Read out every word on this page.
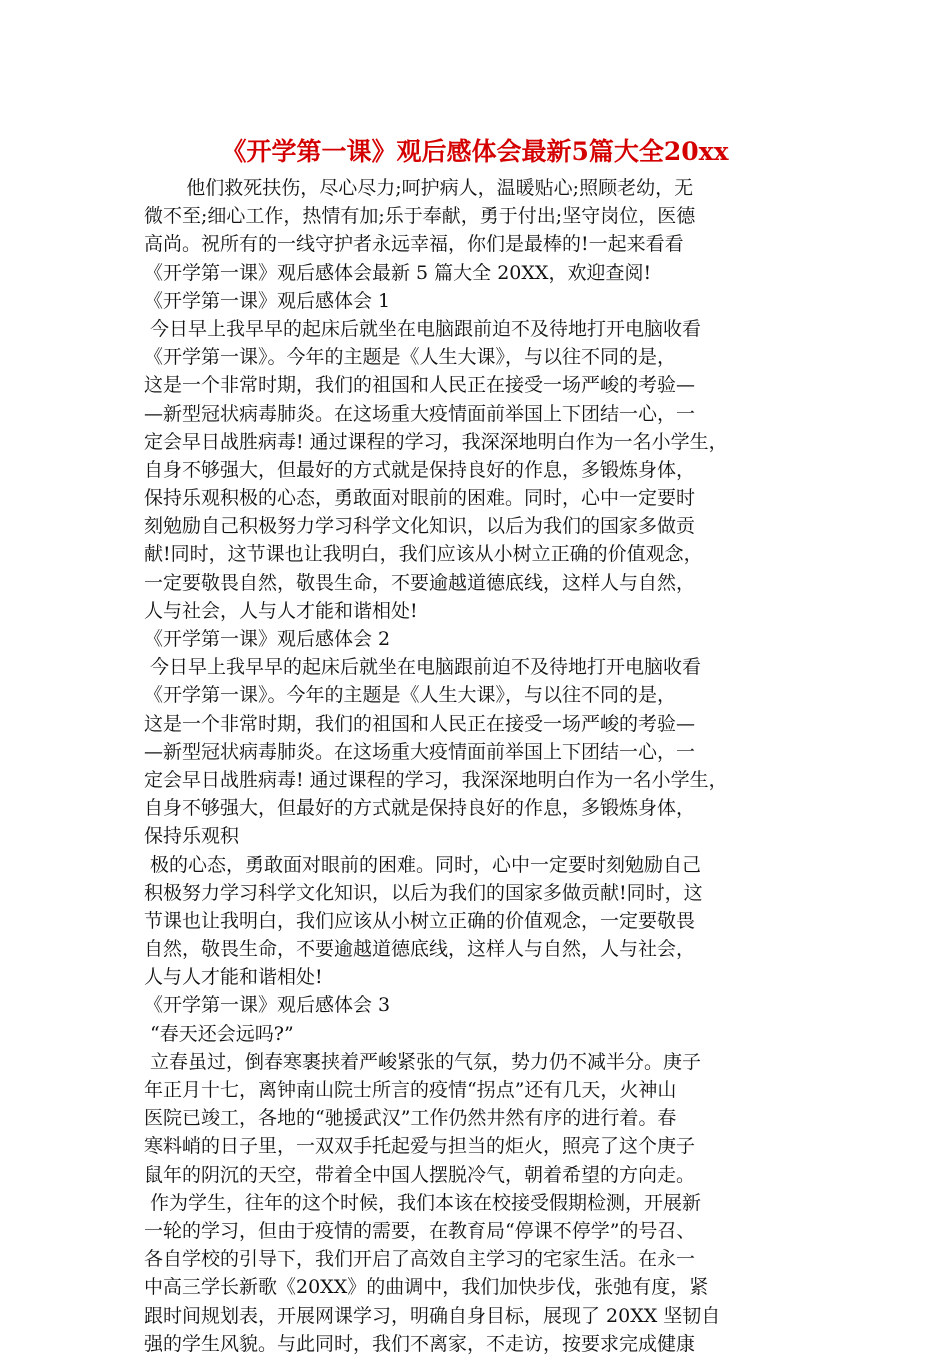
《开学第一课》观后感体会最新5篇大全20xx
他们救死扶伤，尽心尽力;呵护病人，温暖贴心;照顾老幼，无
微不至;细心工作，热情有加;乐于奉献，勇于付出;坚守岗位，医德
高尚。祝所有的一线守护者永远幸福，你们是最棒的!一起来看看
《开学第一课》观后感体会最新 5 篇大全 20XX，欢迎查阅!
《开学第一课》观后感体会 1
今日早上我早早的起床后就坐在电脑跟前迫不及待地打开电脑收看
《开学第一课》。今年的主题是《人生大课》，与以往不同的是，
这是一个非常时期，我们的祖国和人民正在接受一场严峻的考验—
—新型冠状病毒肺炎。在这场重大疫情面前举国上下团结一心，一
定会早日战胜病毒! 通过课程的学习，我深深地明白作为一名小学生，
自身不够强大，但最好的方式就是保持良好的作息，多锻炼身体，
保持乐观积极的心态，勇敢面对眼前的困难。同时，心中一定要时
刻勉励自己积极努力学习科学文化知识，以后为我们的国家多做贡
献!同时，这节课也让我明白，我们应该从小树立正确的价值观念，
一定要敬畏自然，敬畏生命，不要逾越道德底线，这样人与自然，
人与社会，人与人才能和谐相处!
《开学第一课》观后感体会 2
今日早上我早早的起床后就坐在电脑跟前迫不及待地打开电脑收看
《开学第一课》。今年的主题是《人生大课》，与以往不同的是，
这是一个非常时期，我们的祖国和人民正在接受一场严峻的考验—
—新型冠状病毒肺炎。在这场重大疫情面前举国上下团结一心，一
定会早日战胜病毒! 通过课程的学习，我深深地明白作为一名小学生，
自身不够强大，但最好的方式就是保持良好的作息，多锻炼身体，
保持乐观积
极的心态，勇敢面对眼前的困难。同时，心中一定要时刻勉励自己
积极努力学习科学文化知识，以后为我们的国家多做贡献!同时，这
节课也让我明白，我们应该从小树立正确的价值观念，一定要敬畏
自然，敬畏生命，不要逾越道德底线，这样人与自然，人与社会，
人与人才能和谐相处!
《开学第一课》观后感体会 3
“春天还会远吗?”
立春虽过，倒春寒裹挟着严峻紧张的气氛，势力仍不减半分。庚子
年正月十七，离钟南山院士所言的疫情“拐点”还有几天，火神山
医院已竣工，各地的“驰援武汉”工作仍然井然有序的进行着。春
寒料峭的日子里，一双双手托起爱与担当的炬火，照亮了这个庚子
鼠年的阴沉的天空，带着全中国人摆脱冷气，朝着希望的方向走。
作为学生，往年的这个时候，我们本该在校接受假期检测，开展新
一轮的学习，但由于疫情的需要，在教育局“停课不停学”的号召、
各自学校的引导下，我们开启了高效自主学习的宅家生活。在永一
中高三学长新歌《20XX》的曲调中，我们加快步伐，张弛有度，紧
跟时间规划表，开展网课学习，明确自身目标，展现了 20XX 坚韧自
强的学生风貌。与此同时，我们不离家，不走访，按要求完成健康
